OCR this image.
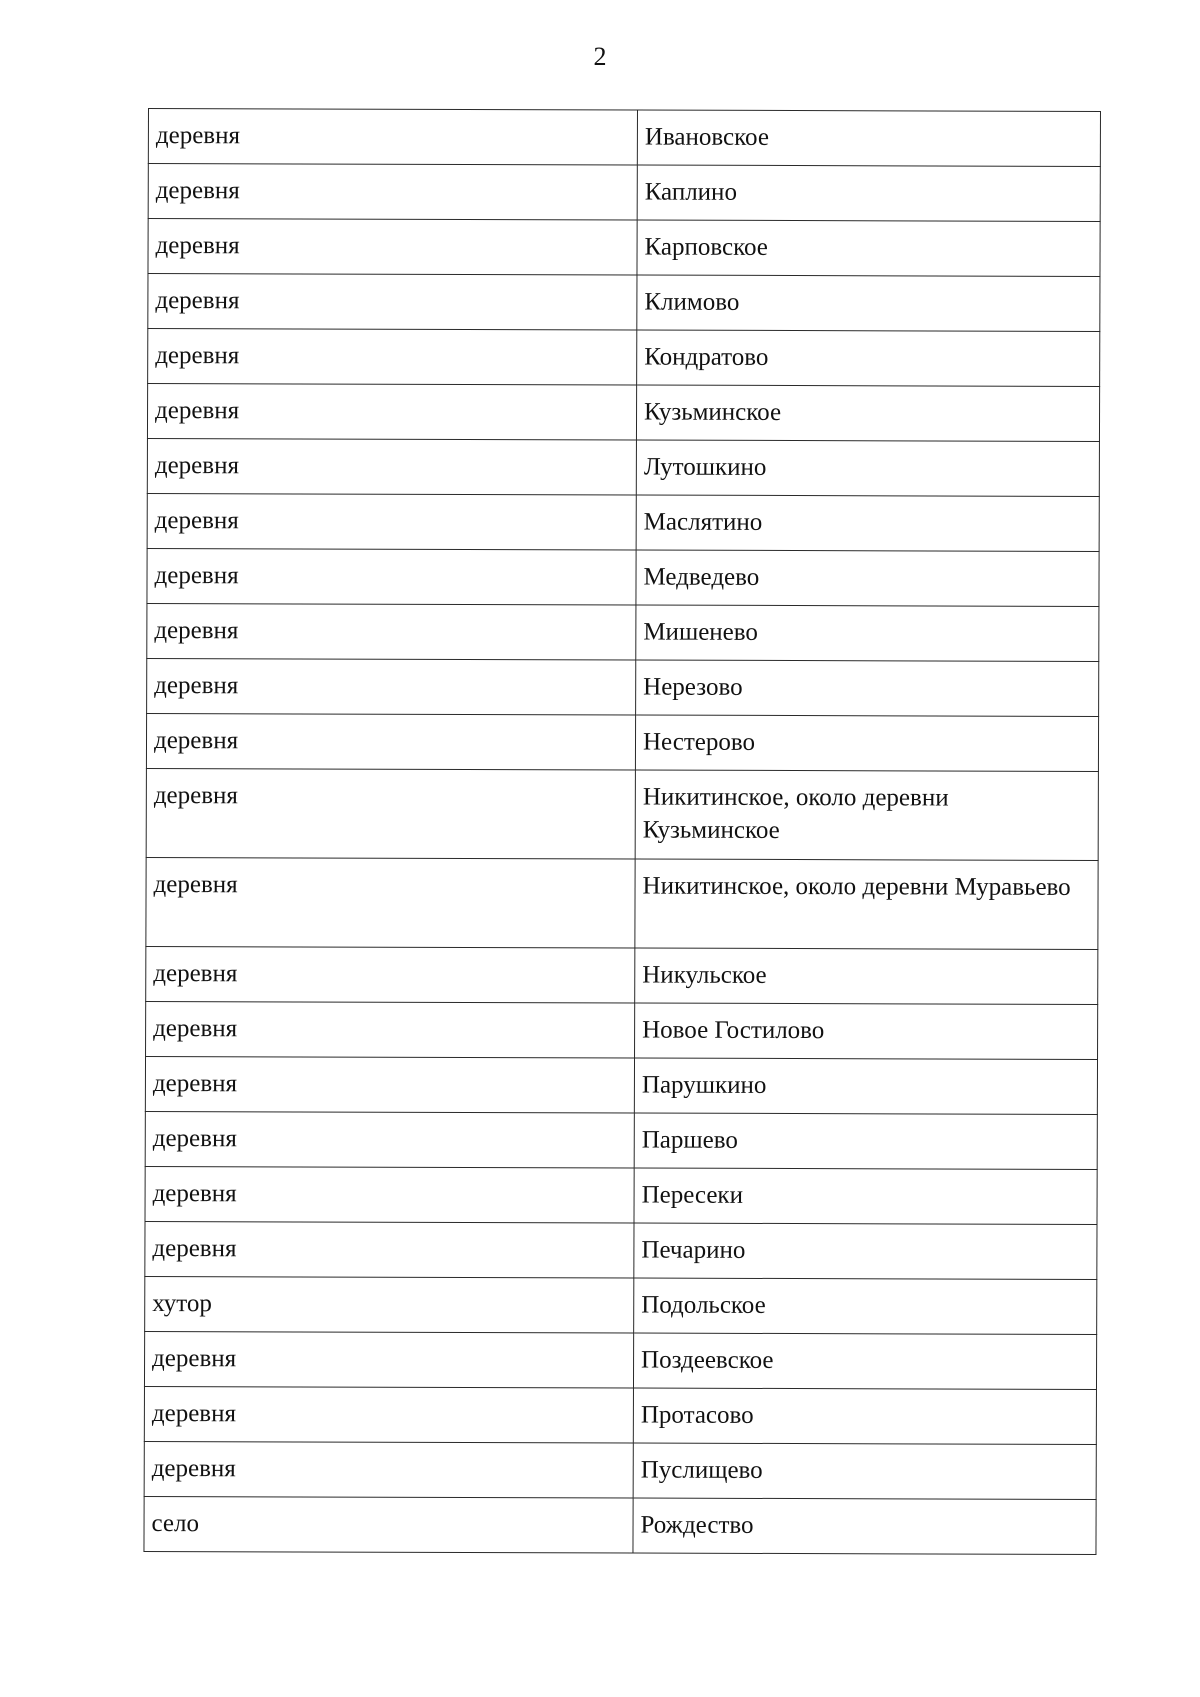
2
деревня	Ивановское
деревня	Каплино
деревня	Карповское
деревня	Климово
деревня	Кондратово
деревня	Кузьминское
деревня	Лутошкино
деревня	Маслятино
деревня	Медведево
деревня	Мишенево
деревня	Нерезово
деревня	Нестерово
деревня	Никитинское, около деревни Кузьминское
деревня	Никитинское, около деревни Муравьево
деревня	Никульское
деревня	Новое Гостилово
деревня	Парушкино
деревня	Паршево
деревня	Пересеки
деревня	Печарино
хутор	Подольское
деревня	Поздеевское
деревня	Протасово
деревня	Пуслищево
село	Рождество
